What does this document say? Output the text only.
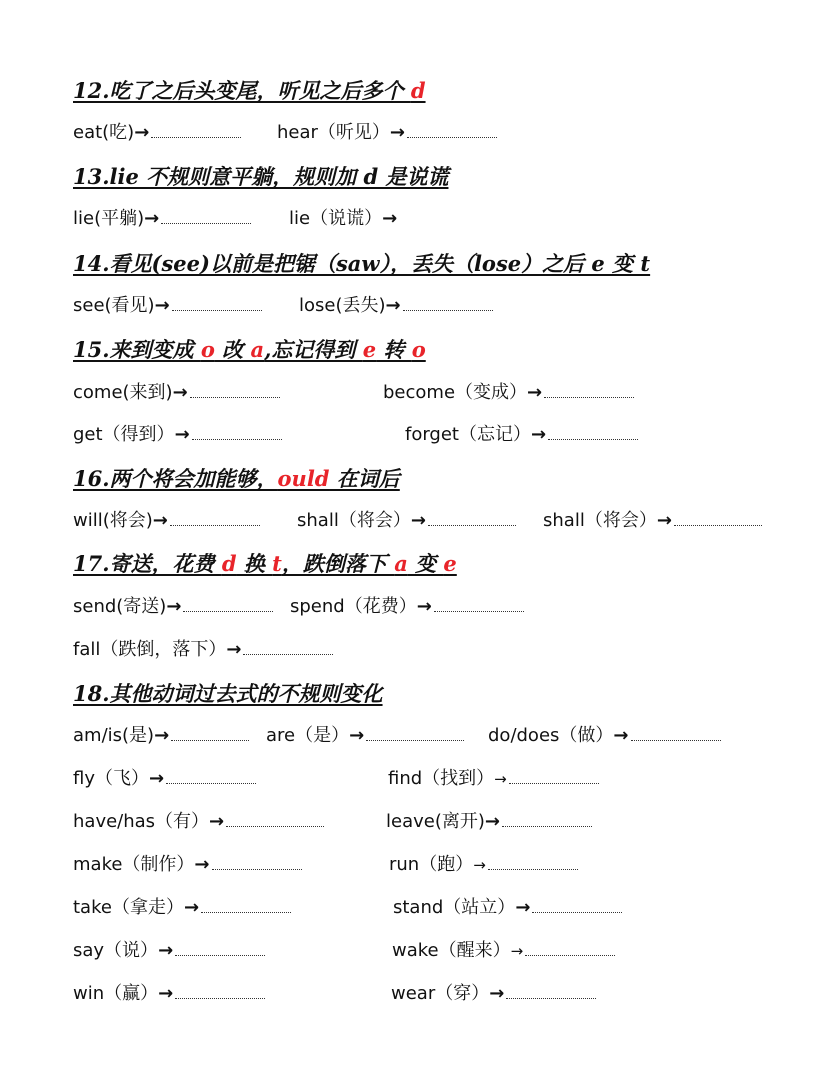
12.吃了之后头变尾，听见之后多个 d
eat(吃)→	hear（听见）→
13.lie 不规则意平躺，规则加 d 是说谎
lie(平躺)→	lie（说谎）→
14.看见(see)以前是把锯（saw），丢失（lose）之后 e 变 t
see(看见)→	lose(丢失)→
15.来到变成 o 改 a,忘记得到 e 转 o
come(来到)→	become（变成）→
get（得到）→	forget（忘记）→
16.两个将会加能够，ould 在词后
will(将会)→	shall（将会）→	shall（将会）→
17.寄送，花费 d 换 t，跌倒落下 a 变 e
send(寄送)→	spend（花费）→
fall（跌倒，落下）→
18.其他动词过去式的不规则变化
am/is(是)→	are（是）→	do/does（做）→
fly（飞）→	find（找到）→
have/has（有）→	leave(离开)→
make（制作）→	run（跑）→
take（拿走）→	stand（站立）→
say（说）→	wake（醒来）→
win（赢）→	wear（穿）→
